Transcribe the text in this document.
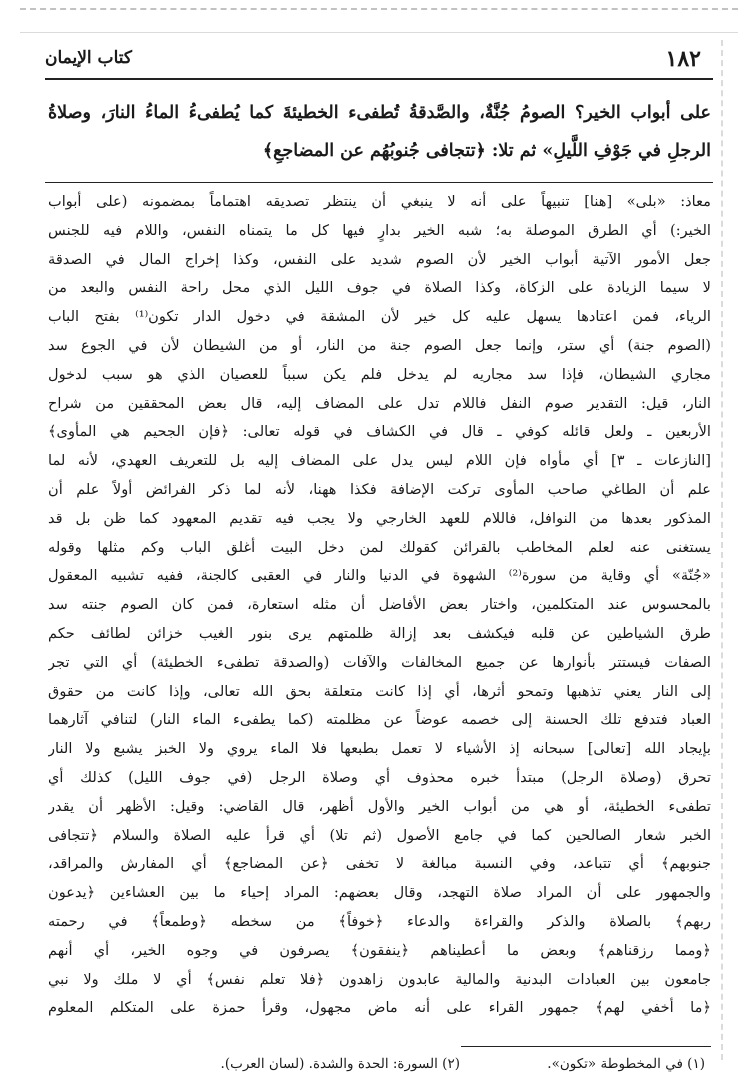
١٨٢
كتاب الإيمان
على أبواب الخير؟ الصومُ جُنَّةٌ، والصَّدقةُ تُطفىء الخطيئةَ كما يُطفىءُ الماءُ النارَ، وصلاةُ الرجلِ في جَوْفِ اللَّيلِ» ثم تلا: ﴿تتجافى جُنوبُهُم عن المضاجعِ﴾
معاذ: «بلى» [هنا] تنبيهاً على أنه لا ينبغي أن ينتظر تصديقه اهتماماً بمضمونه (على أبواب
الخير:) أي الطرق الموصلة به؛ شبه الخير بدارٍ فيها كل ما يتمناه النفس، واللام فيه للجنس
جعل الأمور الآتية أبواب الخير لأن الصوم شديد على النفس، وكذا إخراج المال في الصدقة
لا سيما الزيادة على الزكاة، وكذا الصلاة في جوف الليل الذي محل راحة النفس والبعد من
الرياء، فمن اعتادها يسهل عليه كل خير لأن المشقة في دخول الدار تكون⁽¹⁾ بفتح الباب
(الصوم جنة) أي ستر، وإنما جعل الصوم جنة من النار، أو من الشيطان لأن في الجوع سد
مجاري الشيطان، فإذا سد مجاريه لم يدخل فلم يكن سبباً للعصيان الذي هو سبب لدخول
النار، قيل: التقدير صوم النفل فاللام تدل على المضاف إليه، قال بعض المحققين من شراح
الأربعين ـ ولعل قائله كوفي ـ قال في الكشاف في قوله تعالى: ﴿فإن الجحيم هي المأوى﴾
[النازعات ـ ٣] أي مأواه فإن اللام ليس يدل على المضاف إليه بل للتعريف العهدي، لأنه لما
علم أن الطاغي صاحب المأوى تركت الإضافة فكذا ههنا، لأنه لما ذكر الفرائض أولاً علم أن
المذكور بعدها من النوافل، فاللام للعهد الخارجي ولا يجب فيه تقديم المعهود كما ظن بل قد
يستغنى عنه لعلم المخاطب بالقرائن كقولك لمن دخل البيت أغلق الباب وكم مثلها وقوله
«جُنّة» أي وقاية من سورة⁽²⁾ الشهوة في الدنيا والنار في العقبى كالجنة، ففيه تشبيه المعقول
بالمحسوس عند المتكلمين، واختار بعض الأفاضل أن مثله استعارة، فمن كان الصوم جنته سد
طرق الشياطين عن قلبه فيكشف بعد إزالة ظلمتهم يرى بنور الغيب خزائن لطائف حكم
الصفات فيستتر بأنوارها عن جميع المخالفات والآفات (والصدقة تطفىء الخطيئة) أي التي تجر
إلى النار يعني تذهبها وتمحو أثرها، أي إذا كانت متعلقة بحق الله تعالى، وإذا كانت من حقوق
العباد فتدفع تلك الحسنة إلى خصمه عوضاً عن مظلمته (كما يطفىء الماء النار) لتنافي آثارهما
بإيجاد الله [تعالى] سبحانه إذ الأشياء لا تعمل بطبعها فلا الماء يروي ولا الخبز يشبع ولا النار
تحرق (وصلاة الرجل) مبتدأ خبره محذوف أي وصلاة الرجل (في جوف الليل) كذلك أي
تطفىء الخطيئة، أو هي من أبواب الخير والأول أظهر، قال القاضي: وقيل: الأظهر أن يقدر
الخبر شعار الصالحين كما في جامع الأصول (ثم تلا) أي قرأ عليه الصلاة والسلام ﴿تتجافى
جنوبهم﴾ أي تتباعد، وفي النسبة مبالغة لا تخفى ﴿عن المضاجع﴾ أي المفارش والمراقد،
والجمهور على أن المراد صلاة التهجد، وقال بعضهم: المراد إحياء ما بين العشاءين ﴿يدعون
ربهم﴾ بالصلاة والذكر والقراءة والدعاء ﴿خوفاً﴾ من سخطه ﴿وطمعاً﴾ في رحمته
﴿ومما رزقناهم﴾ وبعض ما أعطيناهم ﴿ينفقون﴾ يصرفون في وجوه الخير، أي أنهم
جامعون بين العبادات البدنية والمالية عابدون زاهدون ﴿فلا تعلم نفس﴾ أي لا ملك ولا نبي
﴿ما أخفي لهم﴾ جمهور القراء على أنه ماض مجهول، وقرأ حمزة على المتكلم المعلوم
(١) في المخطوطة «تكون».
(٢) السورة: الحدة والشدة. (لسان العرب).
